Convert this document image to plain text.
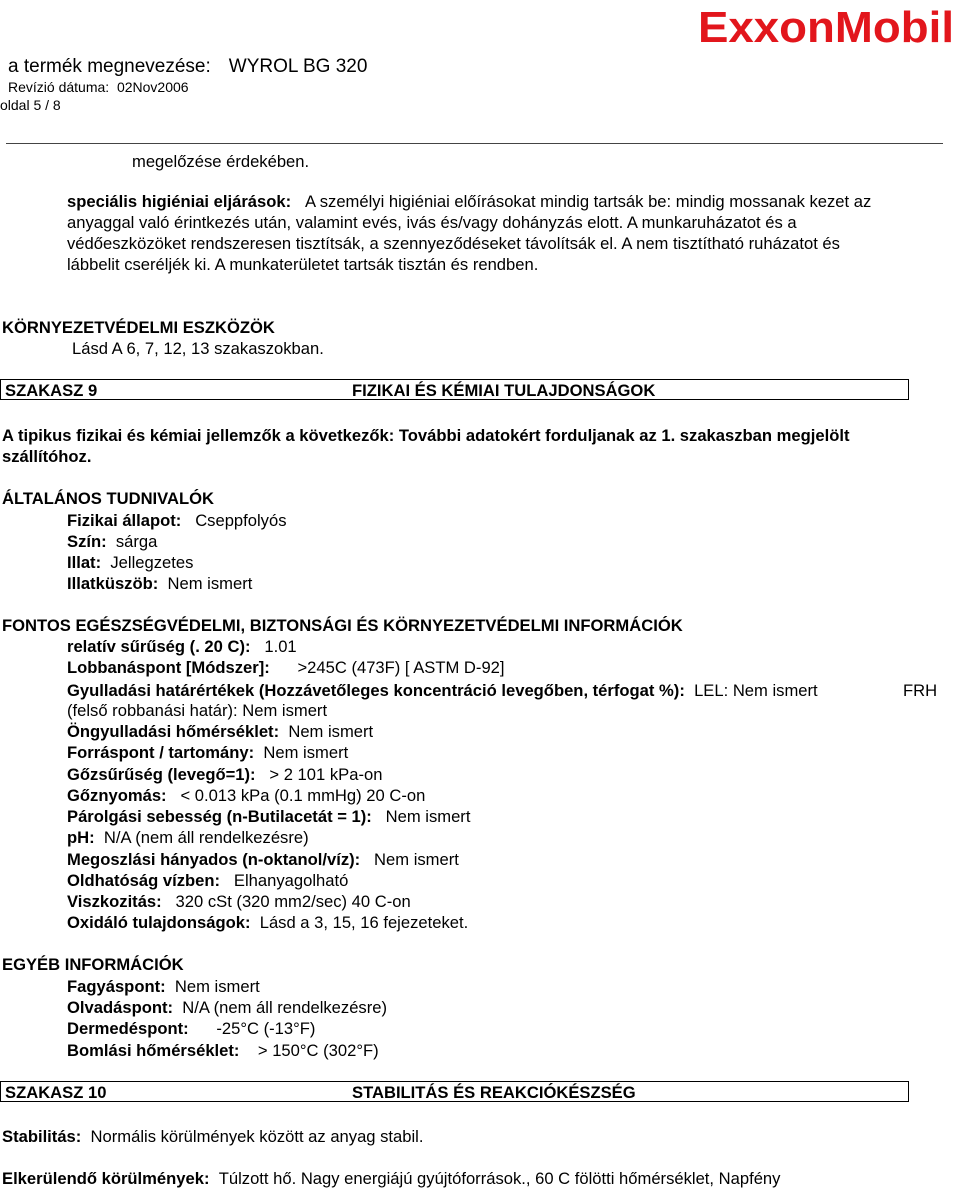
a termék megnevezése: WYROL BG 320
Revízió dátuma: 02Nov2006
oldal 5 / 8
ExxonMobil
megelőzése érdekében.
speciális higiéniai eljárások: A személyi higiéniai előírásokat mindig tartsák be: mindig mossanak kezet az
anyaggal való érintkezés után, valamint evés, ivás és/vagy dohányzás elott. A munkaruházatot és a
védőeszközöket rendszeresen tisztítsák, a szennyeződéseket távolítsák el. A nem tisztítható ruházatot és
lábbelit cseréljék ki. A munkaterületet tartsák tisztán és rendben.
KÖRNYEZETVÉDELMI ESZKÖZÖK
Lásd A 6, 7, 12, 13 szakaszokban.
SZAKASZ 9	FIZIKAI ÉS KÉMIAI TULAJDONSÁGOK
A tipikus fizikai és kémiai jellemzők a következők: További adatokért forduljanak az 1. szakaszban megjelölt
szállítóhoz.
ÁLTALÁNOS TUDNIVALÓK
Fizikai állapot: Cseppfolyós
Szín: sárga
Illat: Jellegzetes
Illatküszöb: Nem ismert
FONTOS EGÉSZSÉGVÉDELMI, BIZTONSÁGI ÉS KÖRNYEZETVÉDELMI INFORMÁCIÓK
relatív sűrűség (. 20 C): 1.01
Lobbanáspont [Módszer]: >245C (473F) [ ASTM D-92]
Gyulladási határértékek (Hozzávetőleges koncentráció levegőben, térfogat %): LEL: Nem ismert	FRH
(felső robbanási határ): Nem ismert
Öngyulladási hőmérséklet: Nem ismert
Forráspont / tartomány: Nem ismert
Gőzsűrűség (levegő=1): > 2 101 kPa-on
Gőznyomás: < 0.013 kPa (0.1 mmHg) 20 C-on
Párolgási sebesség (n-Butilacetát = 1): Nem ismert
pH: N/A (nem áll rendelkezésre)
Megoszlási hányados (n-oktanol/víz): Nem ismert
Oldhatóság vízben: Elhanyagolható
Viszkozitás: 320 cSt (320 mm2/sec) 40 C-on
Oxidáló tulajdonságok: Lásd a 3, 15, 16 fejezeteket.
EGYÉB INFORMÁCIÓK
Fagyáspont: Nem ismert
Olvadáspont: N/A (nem áll rendelkezésre)
Dermedéspont: -25°C (-13°F)
Bomlási hőmérséklet: > 150°C (302°F)
SZAKASZ 10	STABILITÁS ÉS REAKCIÓKÉSZSÉG
Stabilitás: Normális körülmények között az anyag stabil.
Elkerülendő körülmények: Túlzott hő. Nagy energiájú gyújtóforrások., 60 C fölötti hőmérséklet, Napfény
